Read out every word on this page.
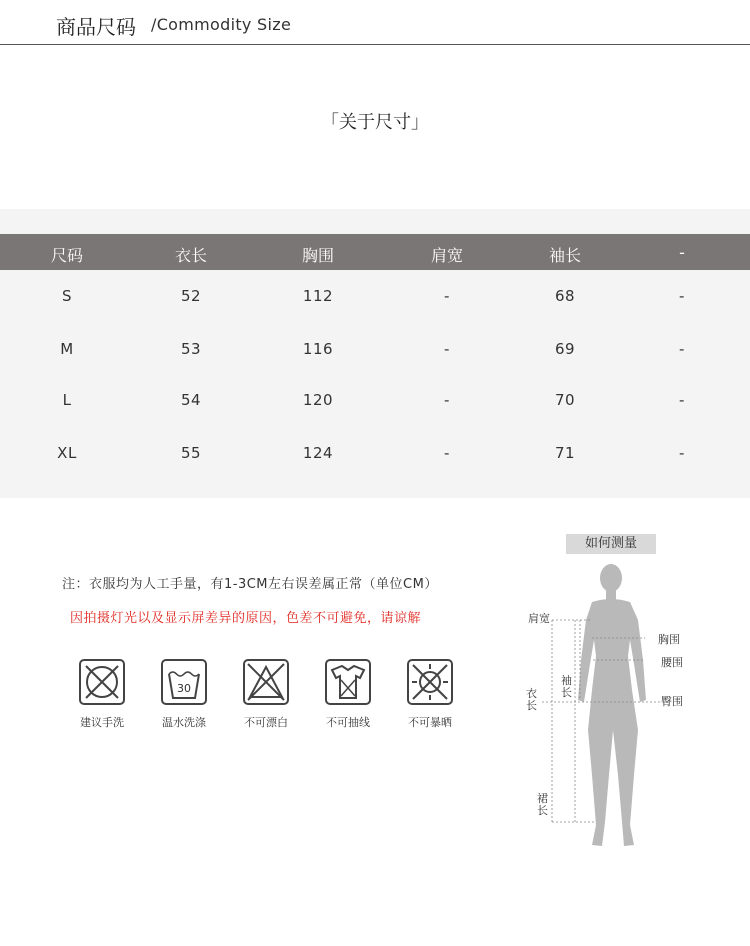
商品尺码 /Commodity Size
「关于尺寸」
尺码	衣长	胸围	肩宽	袖长	-
S	52	112	-	68	-
M	53	116	-	69	-
L	54	120	-	70	-
XL	55	124	-	71	-
注：衣服均为人工手量，有1-3CM左右误差属正常（单位CM）
因拍摄灯光以及显示屏差异的原因，色差不可避免，请谅解
建议手洗
30
温水洗涤	不可漂白	不可抽线	不可暴晒
如何测量
肩宽
胸围
腰围
袖长
衣长	臀围
裙长
